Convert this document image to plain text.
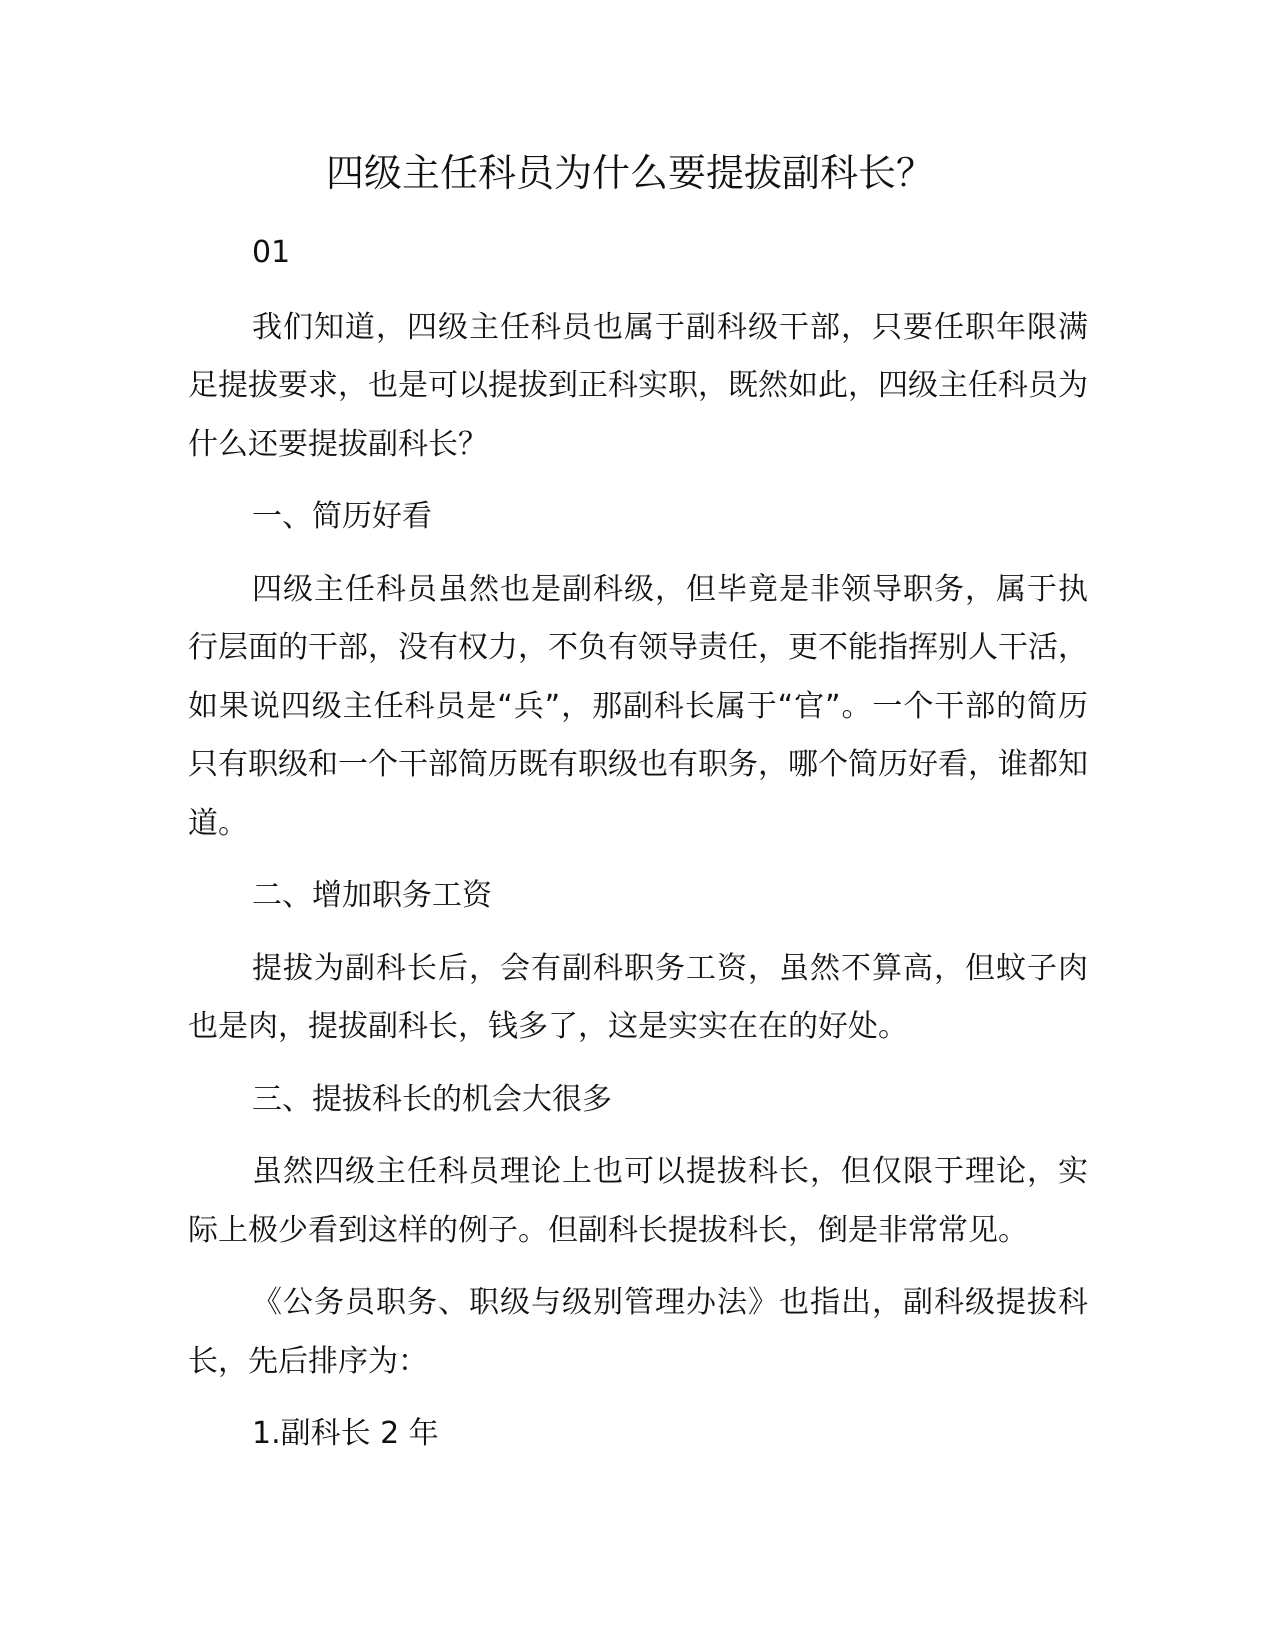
四级主任科员为什么要提拔副科长？

01

我们知道，四级主任科员也属于副科级干部，只要任职年限满足提拔要求，也是可以提拔到正科实职，既然如此，四级主任科员为什么还要提拔副科长？

一、简历好看

四级主任科员虽然也是副科级，但毕竟是非领导职务，属于执行层面的干部，没有权力，不负有领导责任，更不能指挥别人干活，如果说四级主任科员是“兵”，那副科长属于“官”。一个干部的简历只有职级和一个干部简历既有职级也有职务，哪个简历好看，谁都知道。

二、增加职务工资

提拔为副科长后，会有副科职务工资，虽然不算高，但蚊子肉也是肉，提拔副科长，钱多了，这是实实在在的好处。

三、提拔科长的机会大很多

虽然四级主任科员理论上也可以提拔科长，但仅限于理论，实际上极少看到这样的例子。但副科长提拔科长，倒是非常常见。

《公务员职务、职级与级别管理办法》也指出，副科级提拔科长，先后排序为：

1.副科长 2 年
